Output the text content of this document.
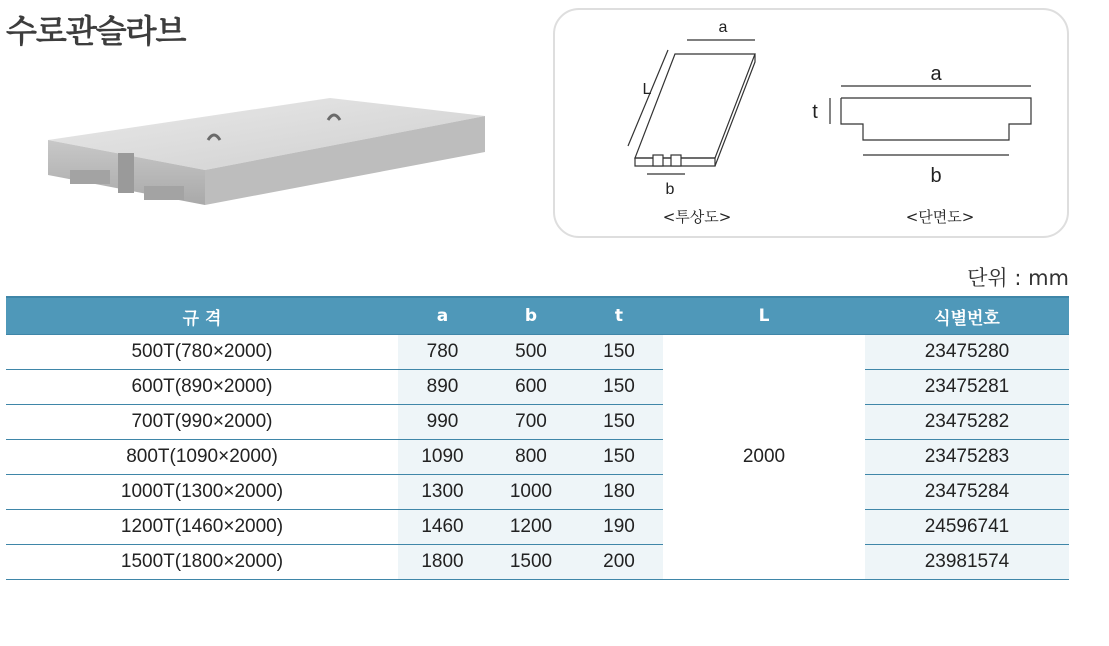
수로관슬라브	a
L
b
<투상도>
a
t
b
<단면도>
단위 : mm
규 격	a	b	t	L	식별번호
500T(780×2000)	780	500	150	2000	23475280
600T(890×2000)	890	600	150		23475281
700T(990×2000)	990	700	150		23475282
800T(1090×2000)	1090	800	150		23475283
1000T(1300×2000)	1300	1000	180		23475284
1200T(1460×2000)	1460	1200	190		24596741
1500T(1800×2000)	1800	1500	200		23981574
